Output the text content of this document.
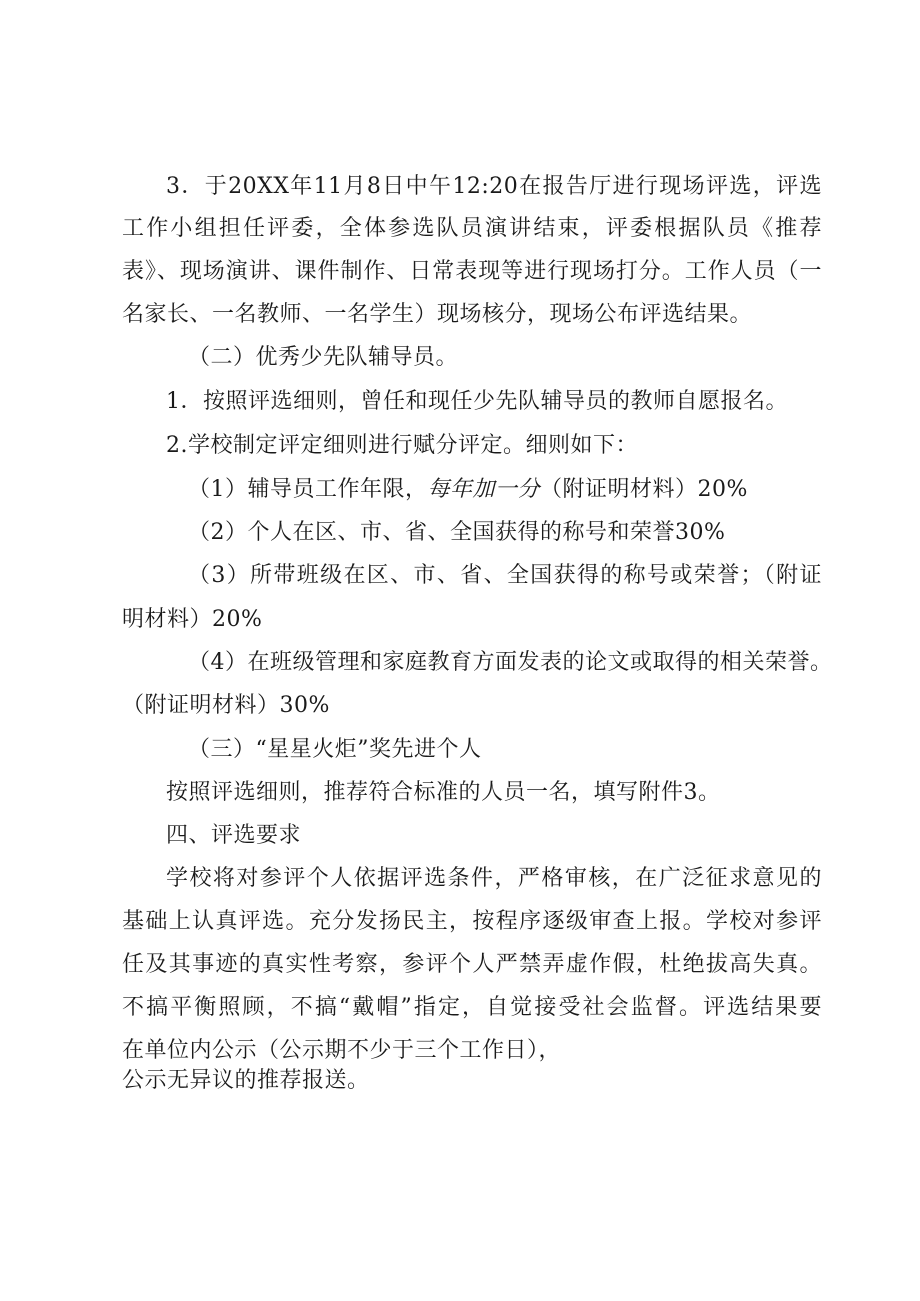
3．于20XX年11月8日中午12:20在报告厅进行现场评选，评选
工作小组担任评委，全体参选队员演讲结束，评委根据队员《推荐
表》、现场演讲、课件制作、日常表现等进行现场打分。工作人员（一
名家长、一名教师、一名学生）现场核分，现场公布评选结果。
（二）优秀少先队辅导员。
1．按照评选细则，曾任和现任少先队辅导员的教师自愿报名。
2.学校制定评定细则进行赋分评定。细则如下：
（1）辅导员工作年限，每年加一分（附证明材料）20%
（2）个人在区、市、省、全国获得的称号和荣誉30%
（3）所带班级在区、市、省、全国获得的称号或荣誉；（附证
明材料）20%
（4）在班级管理和家庭教育方面发表的论文或取得的相关荣誉。
（附证明材料）30%
（三）“星星火炬”奖先进个人
按照评选细则，推荐符合标准的人员一名，填写附件3。
四、评选要求
学校将对参评个人依据评选条件，严格审核，在广泛征求意见的
基础上认真评选。充分发扬民主，按程序逐级审查上报。学校对参评
任及其事迹的真实性考察，参评个人严禁弄虚作假，杜绝拔高失真。
不搞平衡照顾，不搞“戴帽”指定，自觉接受社会监督。评选结果要
在单位内公示（公示期不少于三个工作日），
公示无异议的推荐报送。
